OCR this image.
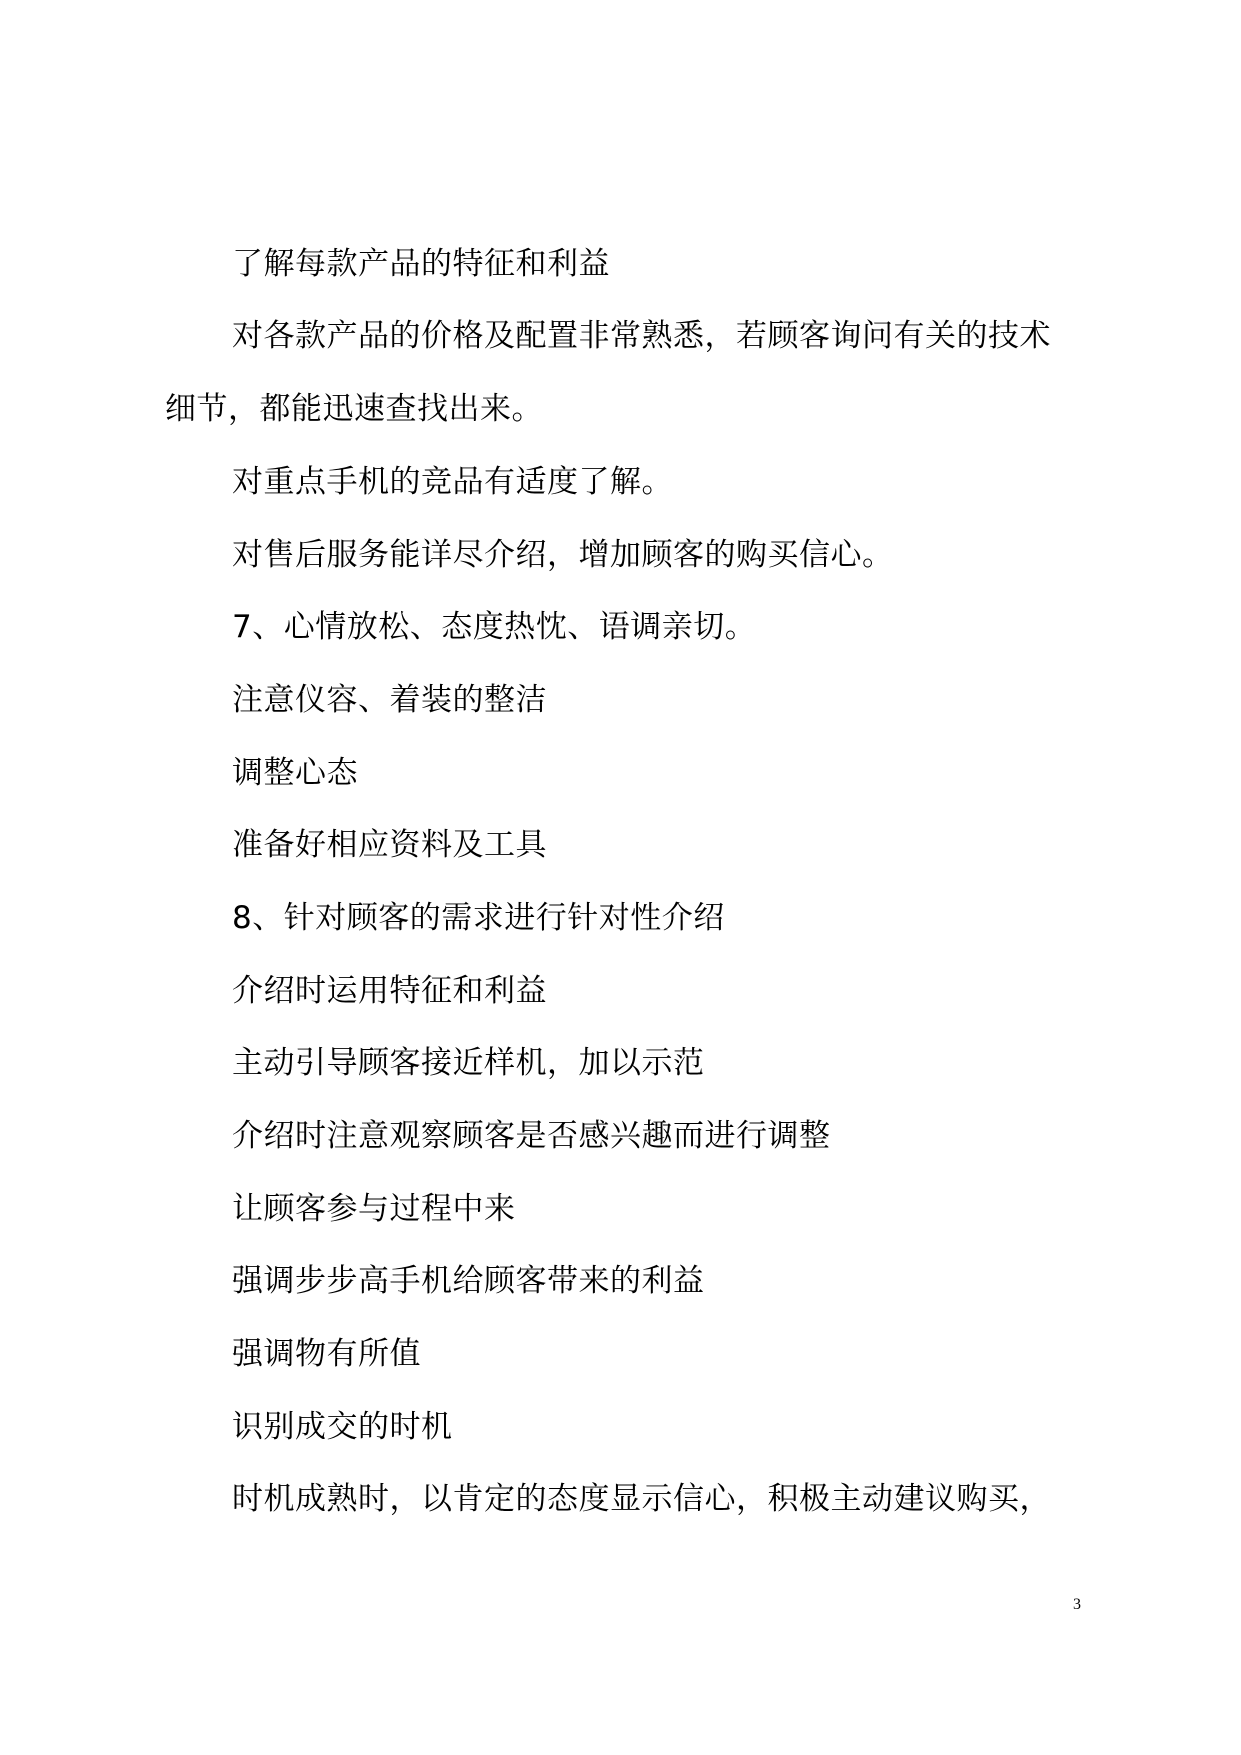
了解每款产品的特征和利益
对各款产品的价格及配置非常熟悉，若顾客询问有关的技术
细节，都能迅速查找出来。
对重点手机的竞品有适度了解。
对售后服务能详尽介绍，增加顾客的购买信心。
7、心情放松、态度热忱、语调亲切。
注意仪容、着装的整洁
调整心态
准备好相应资料及工具
8、针对顾客的需求进行针对性介绍
介绍时运用特征和利益
主动引导顾客接近样机，加以示范
介绍时注意观察顾客是否感兴趣而进行调整
让顾客参与过程中来
强调步步高手机给顾客带来的利益
强调物有所值
识别成交的时机
时机成熟时，以肯定的态度显示信心，积极主动建议购买，
3
